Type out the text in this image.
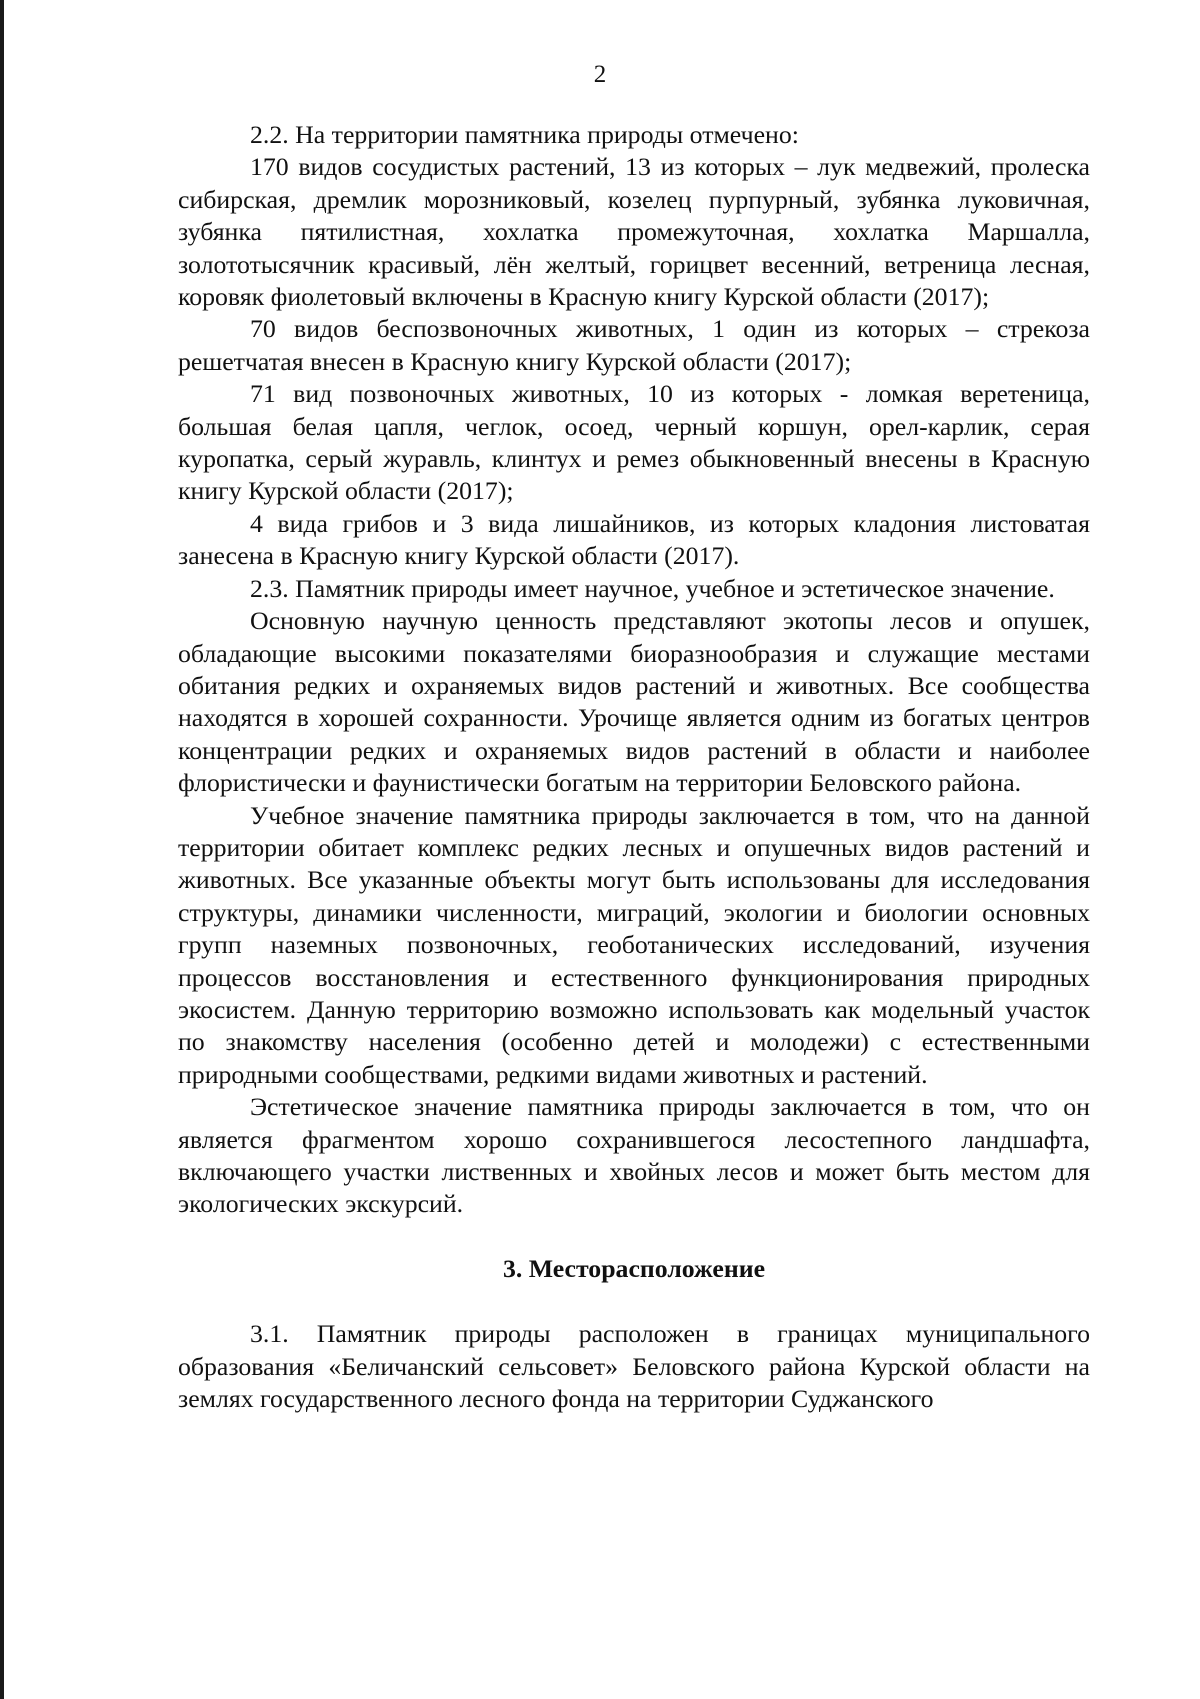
2

2.2. На территории памятника природы отмечено:

170 видов сосудистых растений, 13 из которых – лук медвежий, пролеска сибирская, дремлик морозниковый, козелец пурпурный, зубянка луковичная, зубянка пятилистная, хохлатка промежуточная, хохлатка Маршалла, золототысячник красивый, лён желтый, горицвет весенний, ветреница лесная, коровяк фиолетовый включены в Красную книгу Курской области (2017);

70 видов беспозвоночных животных, 1 один из которых – стрекоза решетчатая внесен в Красную книгу Курской области (2017);

71 вид позвоночных животных, 10 из которых - ломкая веретеница, большая белая цапля, чеглок, осоед, черный коршун, орел-карлик, серая куропатка, серый журавль, клинтух и ремез обыкновенный внесены в Красную книгу Курской области (2017);

4 вида грибов и 3 вида лишайников, из которых кладония листоватая занесена в Красную книгу Курской области (2017).

2.3. Памятник природы имеет научное, учебное и эстетическое значение.

Основную научную ценность представляют экотопы лесов и опушек, обладающие высокими показателями биоразнообразия и служащие местами обитания редких и охраняемых видов растений и животных. Все сообщества находятся в хорошей сохранности. Урочище является одним из богатых центров концентрации редких и охраняемых видов растений в области и наиболее флористически и фаунистически богатым на территории Беловского района.

Учебное значение памятника природы заключается в том, что на данной территории обитает комплекс редких лесных и опушечных видов растений и животных. Все указанные объекты могут быть использованы для исследования структуры, динамики численности, миграций, экологии и биологии основных групп наземных позвоночных, геоботанических исследований, изучения процессов восстановления и естественного функционирования природных экосистем. Данную территорию возможно использовать как модельный участок по знакомству населения (особенно детей и молодежи) с естественными природными сообществами, редкими видами животных и растений.

Эстетическое значение памятника природы заключается в том, что он является фрагментом хорошо сохранившегося лесостепного ландшафта, включающего участки лиственных и хвойных лесов и может быть местом для экологических экскурсий.

3. Месторасположение

3.1. Памятник природы расположен в границах муниципального образования «Беличанский сельсовет» Беловского района Курской области на землях государственного лесного фонда на территории Суджанского
